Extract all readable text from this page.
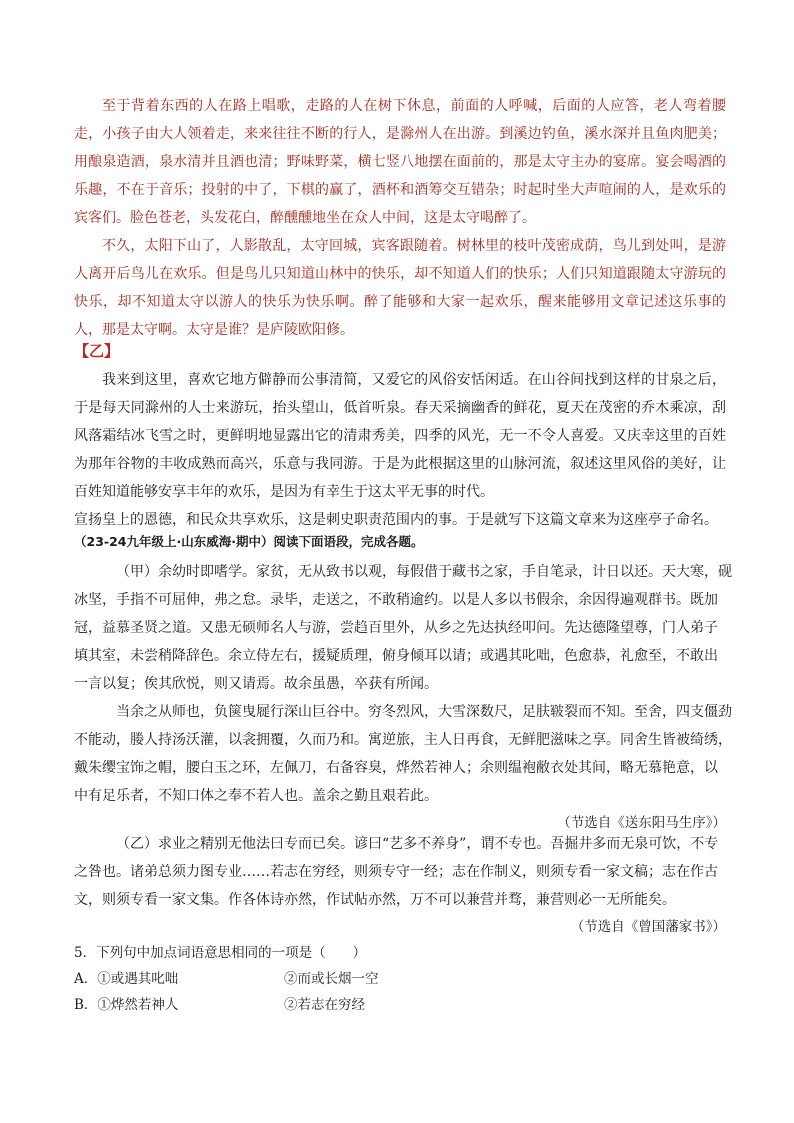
至于背着东西的人在路上唱歌，走路的人在树下休息，前面的人呼喊，后面的人应答，老人弯着腰走，小孩子由大人领着走，来来往往不断的行人，是滁州人在出游。到溪边钓鱼，溪水深并且鱼肉肥美；用酿泉造酒，泉水清并且酒也清；野味野菜，横七竖八地摆在面前的，那是太守主办的宴席。宴会喝酒的乐趣，不在于音乐；投射的中了，下棋的赢了，酒杯和酒筹交互错杂；时起时坐大声喧闹的人，是欢乐的宾客们。脸色苍老，头发花白，醉醺醺地坐在众人中间，这是太守喝醉了。

不久，太阳下山了，人影散乱，太守回城，宾客跟随着。树林里的枝叶茂密成荫，鸟儿到处叫，是游人离开后鸟儿在欢乐。但是鸟儿只知道山林中的快乐，却不知道人们的快乐；人们只知道跟随太守游玩的快乐，却不知道太守以游人的快乐为快乐啊。醉了能够和大家一起欢乐，醒来能够用文章记述这乐事的人，那是太守啊。太守是谁？是庐陵欧阳修。

【乙】

我来到这里，喜欢它地方僻静而公事清简，又爱它的风俗安恬闲适。在山谷间找到这样的甘泉之后，于是每天同滁州的人士来游玩，抬头望山，低首听泉。春天采摘幽香的鲜花，夏天在茂密的乔木乘凉，刮风落霜结冰飞雪之时，更鲜明地显露出它的清肃秀美，四季的风光，无一不令人喜爱。又庆幸这里的百姓为那年谷物的丰收成熟而高兴，乐意与我同游。于是为此根据这里的山脉河流，叙述这里风俗的美好，让百姓知道能够安享丰年的欢乐，是因为有幸生于这太平无事的时代。

宣扬皇上的恩德，和民众共享欢乐，这是刺史职责范围内的事。于是就写下这篇文章来为这座亭子命名。

（23-24九年级上·山东威海·期中）阅读下面语段，完成各题。

（甲）余幼时即嗜学。家贫，无从致书以观，每假借于藏书之家，手自笔录，计日以还。天大寒，砚

冰坚，手指不可屈伸，弗之怠。录毕，走送之，不敢稍逾约。以是人多以书假余，余因得遍观群书。既加

冠，益慕圣贤之道。又患无硕师名人与游，尝趋百里外，从乡之先达执经叩问。先达德隆望尊，门人弟子

填其室，未尝稍降辞色。余立侍左右，援疑质理，俯身倾耳以请；或遇其叱咄，色愈恭，礼愈至，不敢出

一言以复；俟其欣悦，则又请焉。故余虽愚，卒获有所闻。

当余之从师也，负箧曳屣行深山巨谷中。穷冬烈风，大雪深数尺，足肤皲裂而不知。至舍，四支僵劲

不能动，媵人持汤沃灌，以衾拥覆，久而乃和。寓逆旅，主人日再食，无鲜肥滋味之享。同舍生皆被绮绣，

戴朱缨宝饰之帽，腰白玉之环，左佩刀，右备容臭，烨然若神人；余则缊袍敝衣处其间，略无慕艳意，以

中有足乐者，不知口体之奉不若人也。盖余之勤且艰若此。

（节选自《送东阳马生序》）

（乙）求业之精别无他法曰专而已矣。谚曰“艺多不养身”，谓不专也。吾掘井多而无泉可饮，不专

之咎也。诸弟总须力图专业……若志在穷经，则须专守一经；志在作制义，则须专看一家文稿；志在作古

文，则须专看一家文集。作各体诗亦然，作试帖亦然，万不可以兼营并骛，兼营则必一无所能矣。

（节选自《曾国藩家书》）

5．下列句中加点词语意思相同的一项是（　　）

A．①或遇其叱咄	②而或长烟一空
B．①烨然若神人	②若志在穷经
